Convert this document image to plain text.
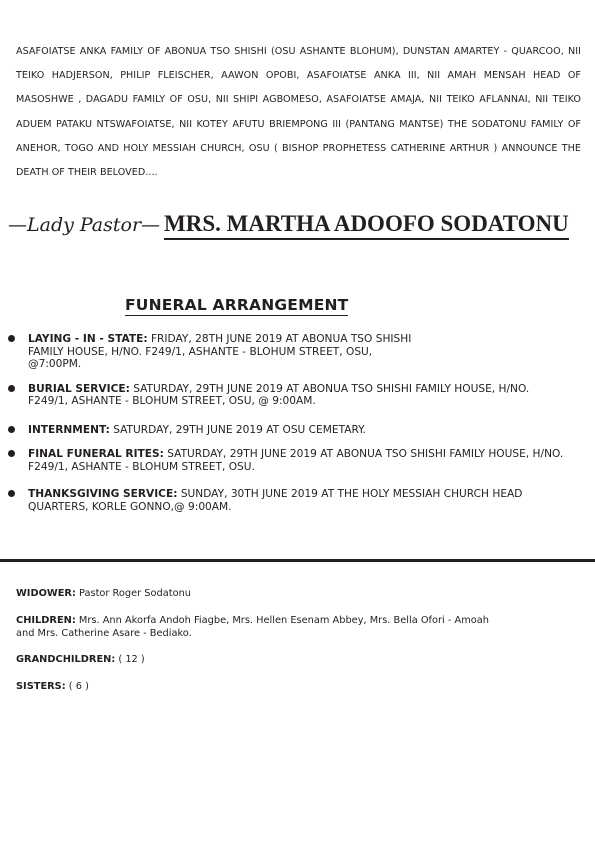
ASAFOIATSE ANKA FAMILY OF ABONUA TSO SHISHI (OSU ASHANTE BLOHUM), DUNSTAN AMARTEY - QUARCOO, NII TEIKO HADJERSON, PHILIP FLEISCHER, AAWON OPOBI, ASAFOIATSE ANKA III, NII AMAH MENSAH HEAD OF MASOSHWE , DAGADU FAMILY OF OSU, NII SHIPI AGBOMESO, ASAFOIATSE AMAJA, NII TEIKO AFLANNAI, NII TEIKO ADUEM PATAKU NTSWAFOIATSE, NII KOTEY AFUTU BRIEMPONG III (PANTANG MANTSE) THE SODATONU FAMILY OF ANEHOR, TOGO AND HOLY MESSIAH CHURCH, OSU ( BISHOP PROPHETESS CATHERINE ARTHUR ) ANNOUNCE THE DEATH OF THEIR BELOVED....
—Lady Pastor— MRS. MARTHA ADOOFO SODATONU
FUNERAL ARRANGEMENT
LAYING - IN - STATE: FRIDAY, 28TH JUNE 2019 AT ABONUA TSO SHISHI
FAMILY HOUSE, H/NO. F249/1, ASHANTE - BLOHUM STREET, OSU,
@7:00PM.
BURIAL SERVICE: SATURDAY, 29TH JUNE 2019 AT ABONUA TSO SHISHI FAMILY HOUSE, H/NO.
F249/1, ASHANTE - BLOHUM STREET, OSU, @ 9:00AM.
INTERNMENT: SATURDAY, 29TH JUNE 2019 AT OSU CEMETARY.
FINAL FUNERAL RITES: SATURDAY, 29TH JUNE 2019 AT ABONUA TSO SHISHI FAMILY HOUSE, H/NO.
F249/1, ASHANTE - BLOHUM STREET, OSU.
THANKSGIVING SERVICE: SUNDAY, 30TH JUNE 2019 AT THE HOLY MESSIAH CHURCH HEAD
QUARTERS, KORLE GONNO,@ 9:00AM.
WIDOWER: Pastor Roger Sodatonu
CHILDREN: Mrs. Ann Akorfa Andoh Fiagbe, Mrs. Hellen Esenam Abbey, Mrs. Bella Ofori - Amoah
and Mrs. Catherine Asare - Bediako.
GRANDCHILDREN: ( 12 )
SISTERS: ( 6 )
